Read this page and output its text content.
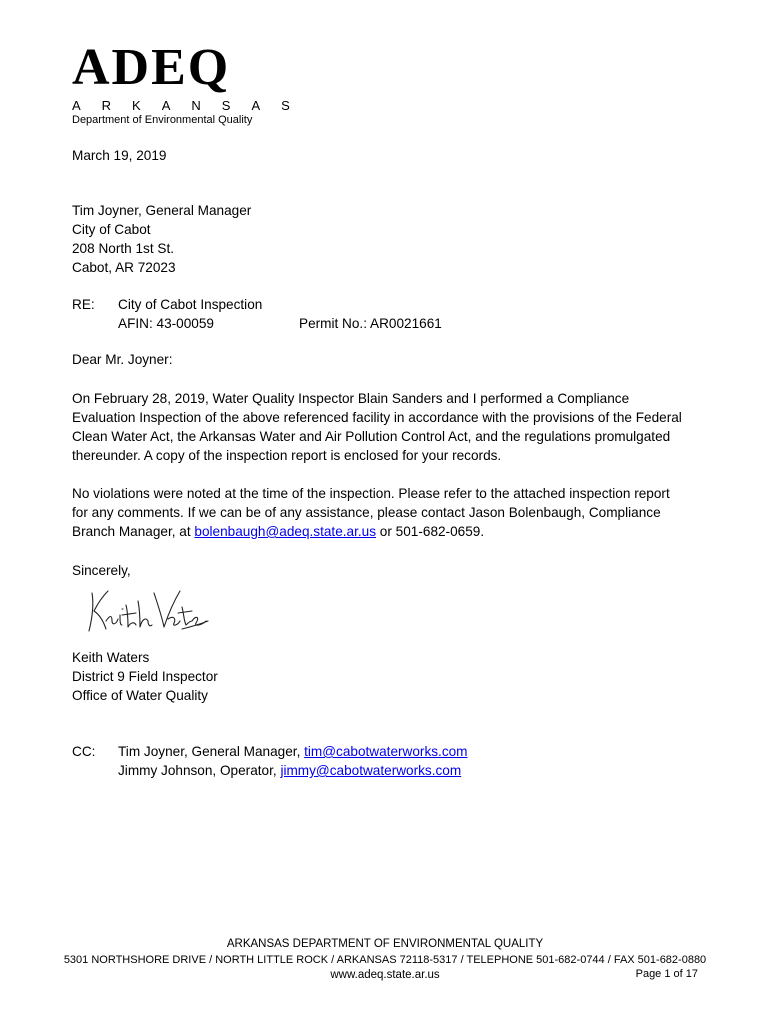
ADEQ
ARKANSAS
Department of Environmental Quality
March 19, 2019
Tim Joyner, General Manager
City of Cabot
208 North 1st St.
Cabot, AR 72023
RE: City of Cabot Inspection
AFIN: 43-00059	Permit No.: AR0021661
Dear Mr. Joyner:
On February 28, 2019, Water Quality Inspector Blain Sanders and I performed a Compliance
Evaluation Inspection of the above referenced facility in accordance with the provisions of the Federal
Clean Water Act, the Arkansas Water and Air Pollution Control Act, and the regulations promulgated
thereunder. A copy of the inspection report is enclosed for your records.
No violations were noted at the time of the inspection. Please refer to the attached inspection report
for any comments. If we can be of any assistance, please contact Jason Bolenbaugh, Compliance
Branch Manager, at bolenbaugh@adeq.state.ar.us or 501-682-0659.
Sincerely,
Keith Waters
District 9 Field Inspector
Office of Water Quality
CC: Tim Joyner, General Manager, tim@cabotwaterworks.com
Jimmy Johnson, Operator, jimmy@cabotwaterworks.com
ARKANSAS DEPARTMENT OF ENVIRONMENTAL QUALITY
5301 NORTHSHORE DRIVE / NORTH LITTLE ROCK / ARKANSAS 72118-5317 / TELEPHONE 501-682-0744 / FAX 501-682-0880
www.adeq.state.ar.us	Page 1 of 17
